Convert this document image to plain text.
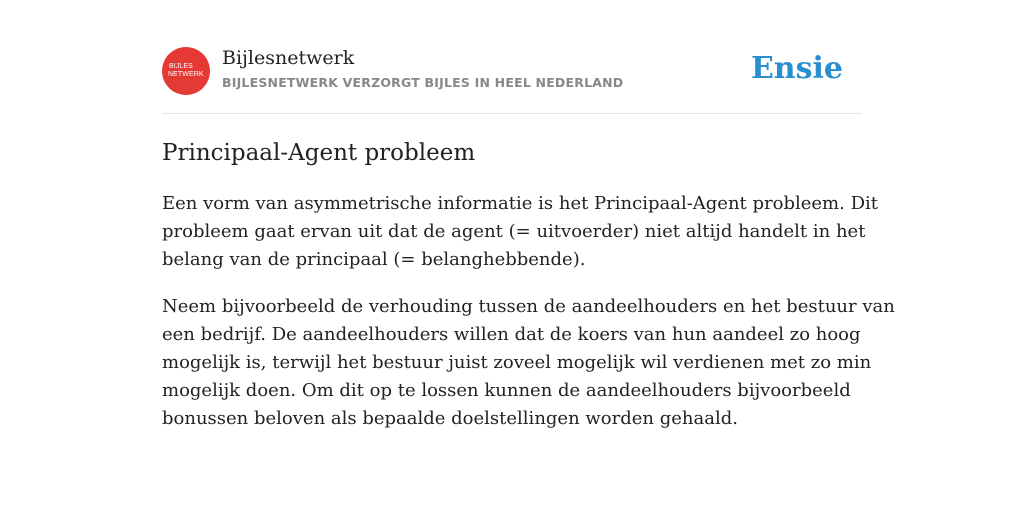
BIJLES
NETWERK
Bijlesnetwerk
BIJLESNETWERK VERZORGT BIJLES IN HEEL NEDERLAND	Ensie
Principaal-Agent probleem

Een vorm van asymmetrische informatie is het Principaal-Agent probleem. Dit
probleem gaat ervan uit dat de agent (= uitvoerder) niet altijd handelt in het
belang van de principaal (= belanghebbende).

Neem bijvoorbeeld de verhouding tussen de aandeelhouders en het bestuur van
een bedrijf. De aandeelhouders willen dat de koers van hun aandeel zo hoog
mogelijk is, terwijl het bestuur juist zoveel mogelijk wil verdienen met zo min
mogelijk doen. Om dit op te lossen kunnen de aandeelhouders bijvoorbeeld
bonussen beloven als bepaalde doelstellingen worden gehaald.
